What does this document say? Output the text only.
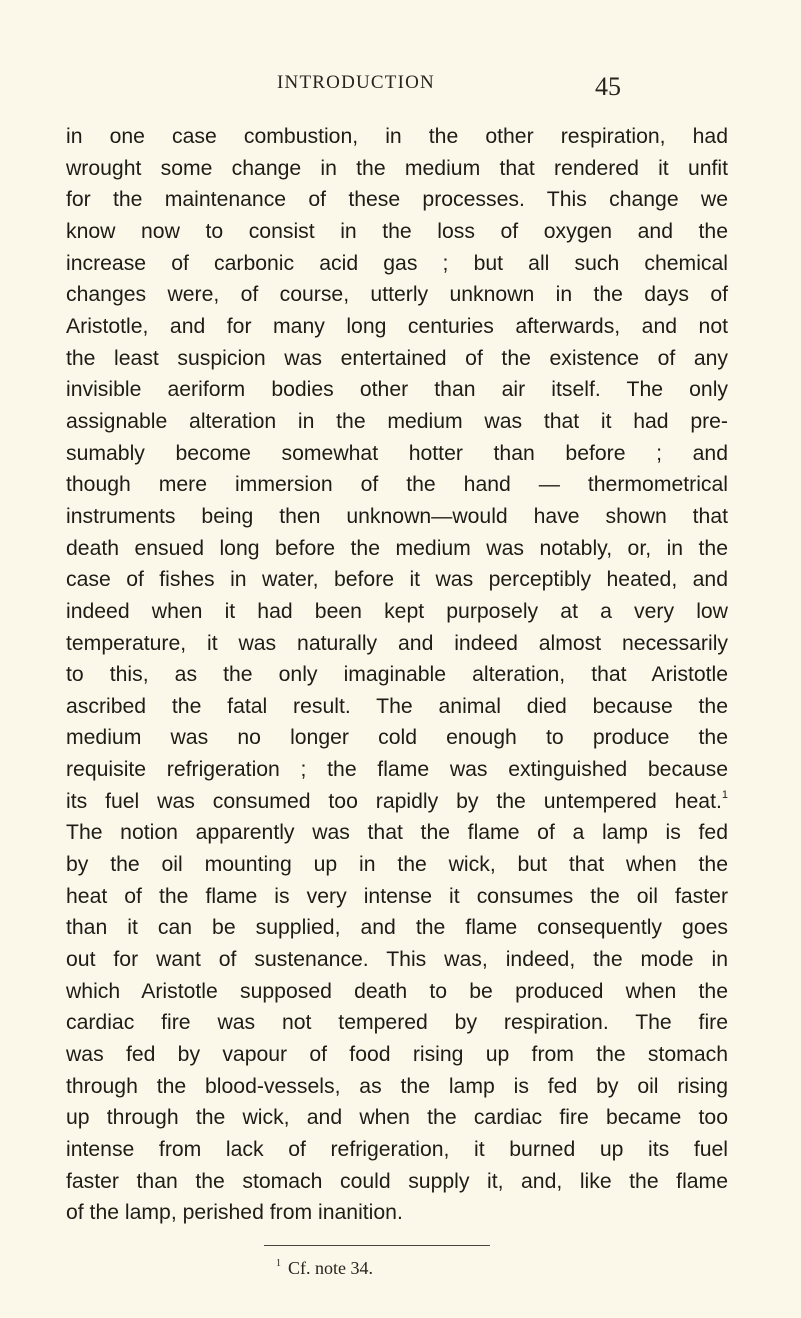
INTRODUCTION	45
in one case combustion, in the other respiration, had
wrought some change in the medium that rendered it unfit
for the maintenance of these processes. This change we
know now to consist in the loss of oxygen and the
increase of carbonic acid gas ; but all such chemical
changes were, of course, utterly unknown in the days of
Aristotle, and for many long centuries afterwards, and not
the least suspicion was entertained of the existence of any
invisible aeriform bodies other than air itself. The only
assignable alteration in the medium was that it had pre-
sumably become somewhat hotter than before ; and
though mere immersion of the hand — thermometrical
instruments being then unknown—would have shown that
death ensued long before the medium was notably, or, in the
case of fishes in water, before it was perceptibly heated, and
indeed when it had been kept purposely at a very low
temperature, it was naturally and indeed almost necessarily
to this, as the only imaginable alteration, that Aristotle
ascribed the fatal result. The animal died because the
medium was no longer cold enough to produce the
requisite refrigeration ; the flame was extinguished because
its fuel was consumed too rapidly by the untempered heat.$^1$
The notion apparently was that the flame of a lamp is fed
by the oil mounting up in the wick, but that when the
heat of the flame is very intense it consumes the oil faster
than it can be supplied, and the flame consequently goes
out for want of sustenance. This was, indeed, the mode in
which Aristotle supposed death to be produced when the
cardiac fire was not tempered by respiration. The fire
was fed by vapour of food rising up from the stomach
through the blood-vessels, as the lamp is fed by oil rising
up through the wick, and when the cardiac fire became too
intense from lack of refrigeration, it burned up its fuel
faster than the stomach could supply it, and, like the flame
of the lamp, perished from inanition.
$^1$ Cf. note 34.
